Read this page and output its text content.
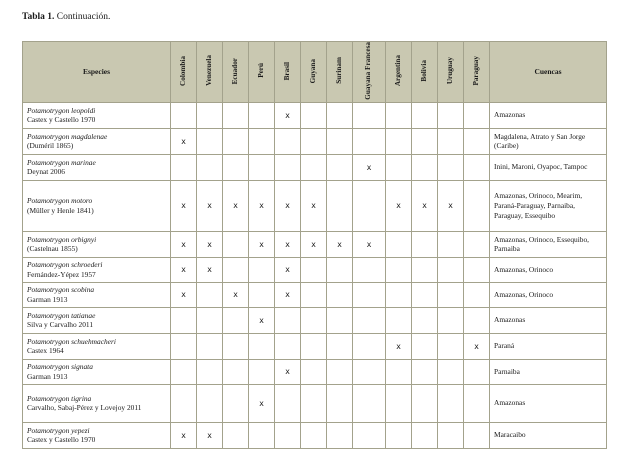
Tabla 1. Continuación.
Especies	Colombia	Venezuela	Ecuador	Perú	Brasil	Guyana	Surinam	Guayana Francesa	Argentina	Bolivia	Uruguay	Paraguay	Cuencas

Potamotrygon leopoldi
Castex y Castello 1970					x								Amazonas

Potamotrygon magdalenae
(Duméril 1865)	x												Magdalena, Atrato y San Jorge (Caribe)

Potamotrygon marinae
Deynat 2006								x					Inini, Maroni, Oyapoc, Tampoc

Potamotrygon motoro
(Müller y Henle 1841)	x	x	x	x	x	x			x	x	x		Amazonas, Orinoco, Mearim, Paraná-Paraguay, Parnaiba, Paraguay, Essequibo

Potamotrygon orbignyi
(Castelnau 1855)	x	x		x	x	x	x	x					Amazonas, Orinoco, Essequibo, Parnaiba

Potamotrygon schroederi
Fernández-Yépez 1957	x	x			x								Amazonas, Orinoco

Potamotrygon scobina
Garman 1913	x		x		x								Amazonas, Orinoco

Potamotrygon tatianae
Silva y Carvalho 2011				x									Amazonas

Potamotrygon schuehmacheri
Castex 1964									x			x	Paraná

Potamotrygon signata
Garman 1913					x								Parnaiba

Potamotrygon tigrina
Carvalho, Sabaj-Pérez y Lovejoy 2011				x									Amazonas

Potamotrygon yepezi
Castex y Castello 1970	x	x											Maracaibo
